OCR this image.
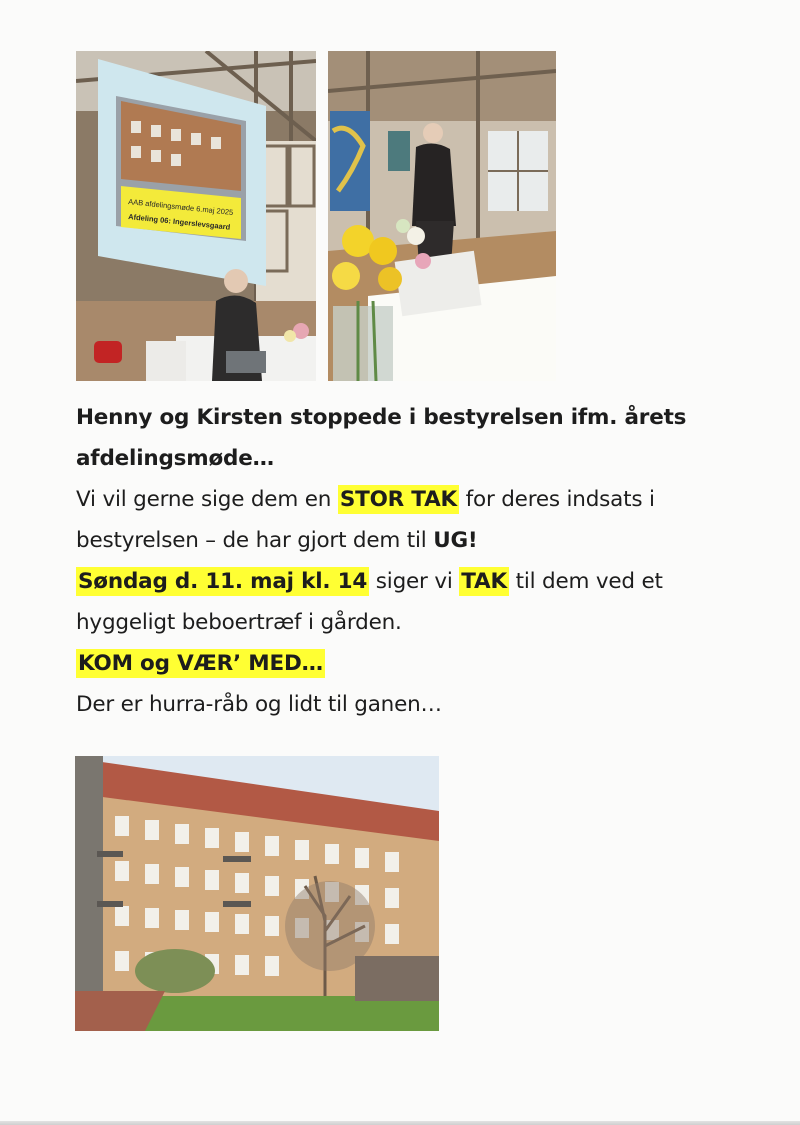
AAB afdelingsmøde 6.maj 2025
Afdeling 06: Ingerslevsgaard
Henny og Kirsten stoppede i bestyrelsen ifm. årets
afdelingsmøde…
Vi vil gerne sige dem en STOR TAK for deres indsats i
bestyrelsen – de har gjort dem til UG!
Søndag d. 11. maj kl. 14 siger vi TAK til dem ved et
hyggeligt beboertræf i gården.
KOM og VÆR’ MED…
Der er hurra-råb og lidt til ganen…
